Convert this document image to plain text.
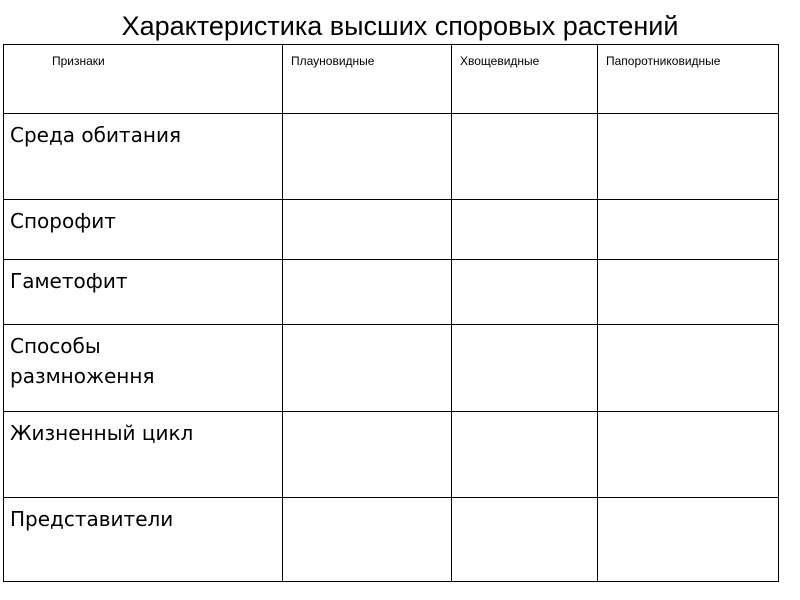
Характеристика высших споровых растений
Признаки	Плауновидные	Хвощевидные	Папоротниковидные
Среда обитания			
Спорофит			
Гаметофит			

Способы
размноження			

Жизненный цикл			
Представители			
